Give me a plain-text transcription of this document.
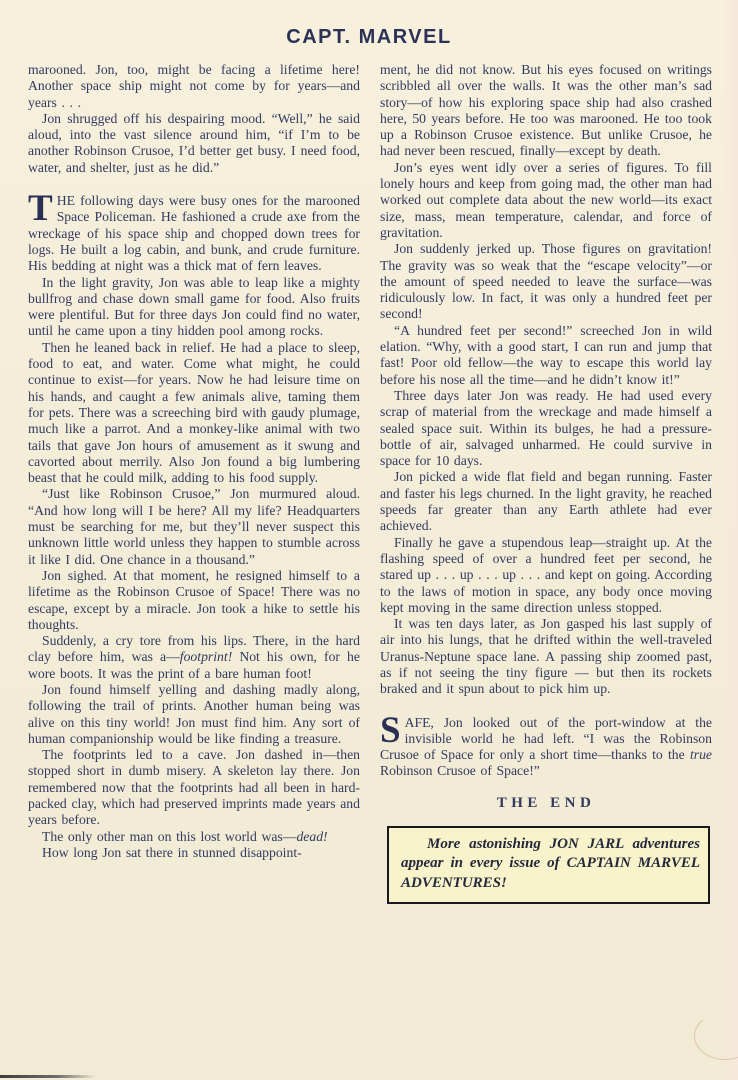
CAPT. MARVEL

marooned. Jon, too, might be facing a lifetime here! Another space ship might not come by for years—and years . . .

Jon shrugged off his despairing mood. “Well,” he said aloud, into the vast silence around him, “if I’m to be another Robinson Crusoe, I’d better get busy. I need food, water, and shelter, just as he did.”

THE following days were busy ones for the marooned Space Policeman. He fashioned a crude axe from the wreckage of his space ship and chopped down trees for logs. He built a log cabin, and bunk, and crude furniture. His bedding at night was a thick mat of fern leaves.

In the light gravity, Jon was able to leap like a mighty bullfrog and chase down small game for food. Also fruits were plentiful. But for three days Jon could find no water, until he came upon a tiny hidden pool among rocks.

Then he leaned back in relief. He had a place to sleep, food to eat, and water. Come what might, he could continue to exist—for years. Now he had leisure time on his hands, and caught a few animals alive, taming them for pets. There was a screeching bird with gaudy plumage, much like a parrot. And a monkey-like animal with two tails that gave Jon hours of amusement as it swung and cavorted about merrily. Also Jon found a big lumbering beast that he could milk, adding to his food supply.

“Just like Robinson Crusoe,” Jon murmured aloud. “And how long will I be here? All my life? Headquarters must be searching for me, but they’ll never suspect this unknown little world unless they happen to stumble across it like I did. One chance in a thousand.”

Jon sighed. At that moment, he resigned himself to a lifetime as the Robinson Crusoe of Space! There was no escape, except by a miracle. Jon took a hike to settle his thoughts.

Suddenly, a cry tore from his lips. There, in the hard clay before him, was a—footprint! Not his own, for he wore boots. It was the print of a bare human foot!

Jon found himself yelling and dashing madly along, following the trail of prints. Another human being was alive on this tiny world! Jon must find him. Any sort of human companionship would be like finding a treasure.

The footprints led to a cave. Jon dashed in—then stopped short in dumb misery. A skeleton lay there. Jon remembered now that the footprints had all been in hard-packed clay, which had preserved imprints made years and years before.

The only other man on this lost world was—dead!

How long Jon sat there in stunned disappoint-

ment, he did not know. But his eyes focused on writings scribbled all over the walls. It was the other man’s sad story—of how his exploring space ship had also crashed here, 50 years before. He too was marooned. He too took up a Robinson Crusoe existence. But unlike Crusoe, he had never been rescued, finally—except by death.

Jon’s eyes went idly over a series of figures. To fill lonely hours and keep from going mad, the other man had worked out complete data about the new world—its exact size, mass, mean temperature, calendar, and force of gravitation.

Jon suddenly jerked up. Those figures on gravitation! The gravity was so weak that the “escape velocity”—or the amount of speed needed to leave the surface—was ridiculously low. In fact, it was only a hundred feet per second!

“A hundred feet per second!” screeched Jon in wild elation. “Why, with a good start, I can run and jump that fast! Poor old fellow—the way to escape this world lay before his nose all the time—and he didn’t know it!”

Three days later Jon was ready. He had used every scrap of material from the wreckage and made himself a sealed space suit. Within its bulges, he had a pressure-bottle of air, salvaged unharmed. He could survive in space for 10 days.

Jon picked a wide flat field and began running. Faster and faster his legs churned. In the light gravity, he reached speeds far greater than any Earth athlete had ever achieved.

Finally he gave a stupendous leap—straight up. At the flashing speed of over a hundred feet per second, he stared up . . . up . . . up . . . and kept on going. According to the laws of motion in space, any body once moving kept moving in the same direction unless stopped.

It was ten days later, as Jon gasped his last supply of air into his lungs, that he drifted within the well-traveled Uranus-Neptune space lane. A passing ship zoomed past, as if not seeing the tiny figure — but then its rockets braked and it spun about to pick him up.

SAFE, Jon looked out of the port-window at the invisible world he had left. “I was the Robinson Crusoe of Space for only a short time—thanks to the true Robinson Crusoe of Space!”

THE END

More astonishing JON JARL adventures appear in every issue of CAPTAIN MARVEL ADVENTURES!
